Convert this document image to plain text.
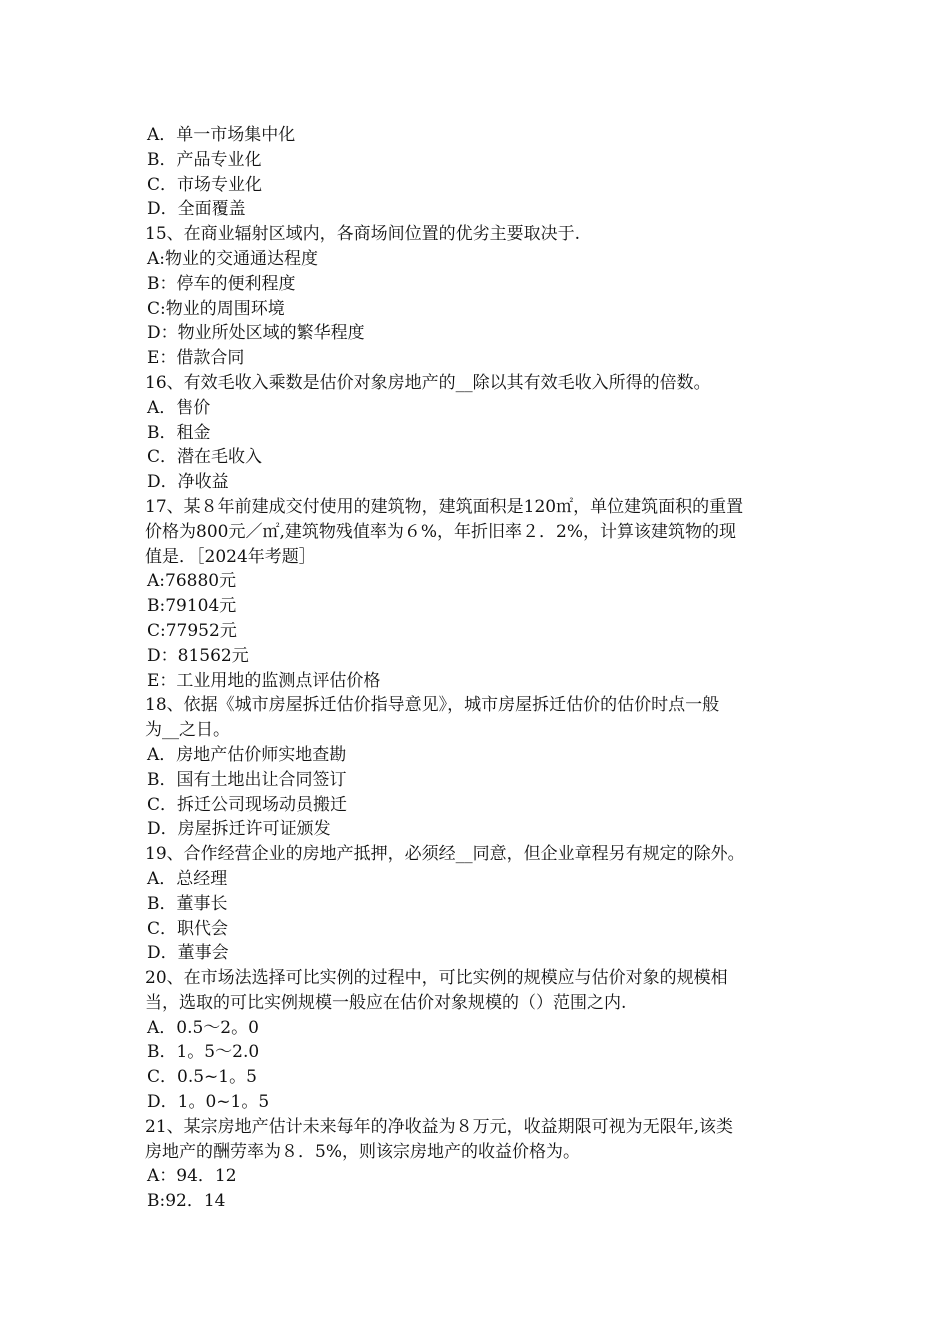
A．单一市场集中化
B．产品专业化
C．市场专业化
D．全面覆盖
15、在商业辐射区域内，各商场间位置的优劣主要取决于.
A:物业的交通通达程度
B：停车的便利程度
C:物业的周围环境
D：物业所处区域的繁华程度
E：借款合同
16、有效毛收入乘数是估价对象房地产的__除以其有效毛收入所得的倍数。
A．售价
B．租金
C．潜在毛收入
D．净收益
17、某８年前建成交付使用的建筑物，建筑面积是120㎡，单位建筑面积的重置
价格为800元／㎡,建筑物残值率为６%，年折旧率２．2%，计算该建筑物的现
值是．［2024年考题］
A:76880元
B:79104元
C:77952元
D：81562元
E：工业用地的监测点评估价格
18、依据《城市房屋拆迁估价指导意见》，城市房屋拆迁估价的估价时点一般
为__之日。
A．房地产估价师实地查勘
B．国有土地出让合同签订
C．拆迁公司现场动员搬迁
D．房屋拆迁许可证颁发
19、合作经营企业的房地产抵押，必须经__同意，但企业章程另有规定的除外。
A．总经理
B．董事长
C．职代会
D．董事会
20、在市场法选择可比实例的过程中，可比实例的规模应与估价对象的规模相
当，选取的可比实例规模一般应在估价对象规模的（）范围之内.
A．0.5～2。0
B．1。5～2.0
C．0.5~1。5
D．1。0~1。5
21、某宗房地产估计未来每年的净收益为８万元，收益期限可视为无限年,该类
房地产的酬劳率为８．5%，则该宗房地产的收益价格为。
A：94．12
B:92．14
